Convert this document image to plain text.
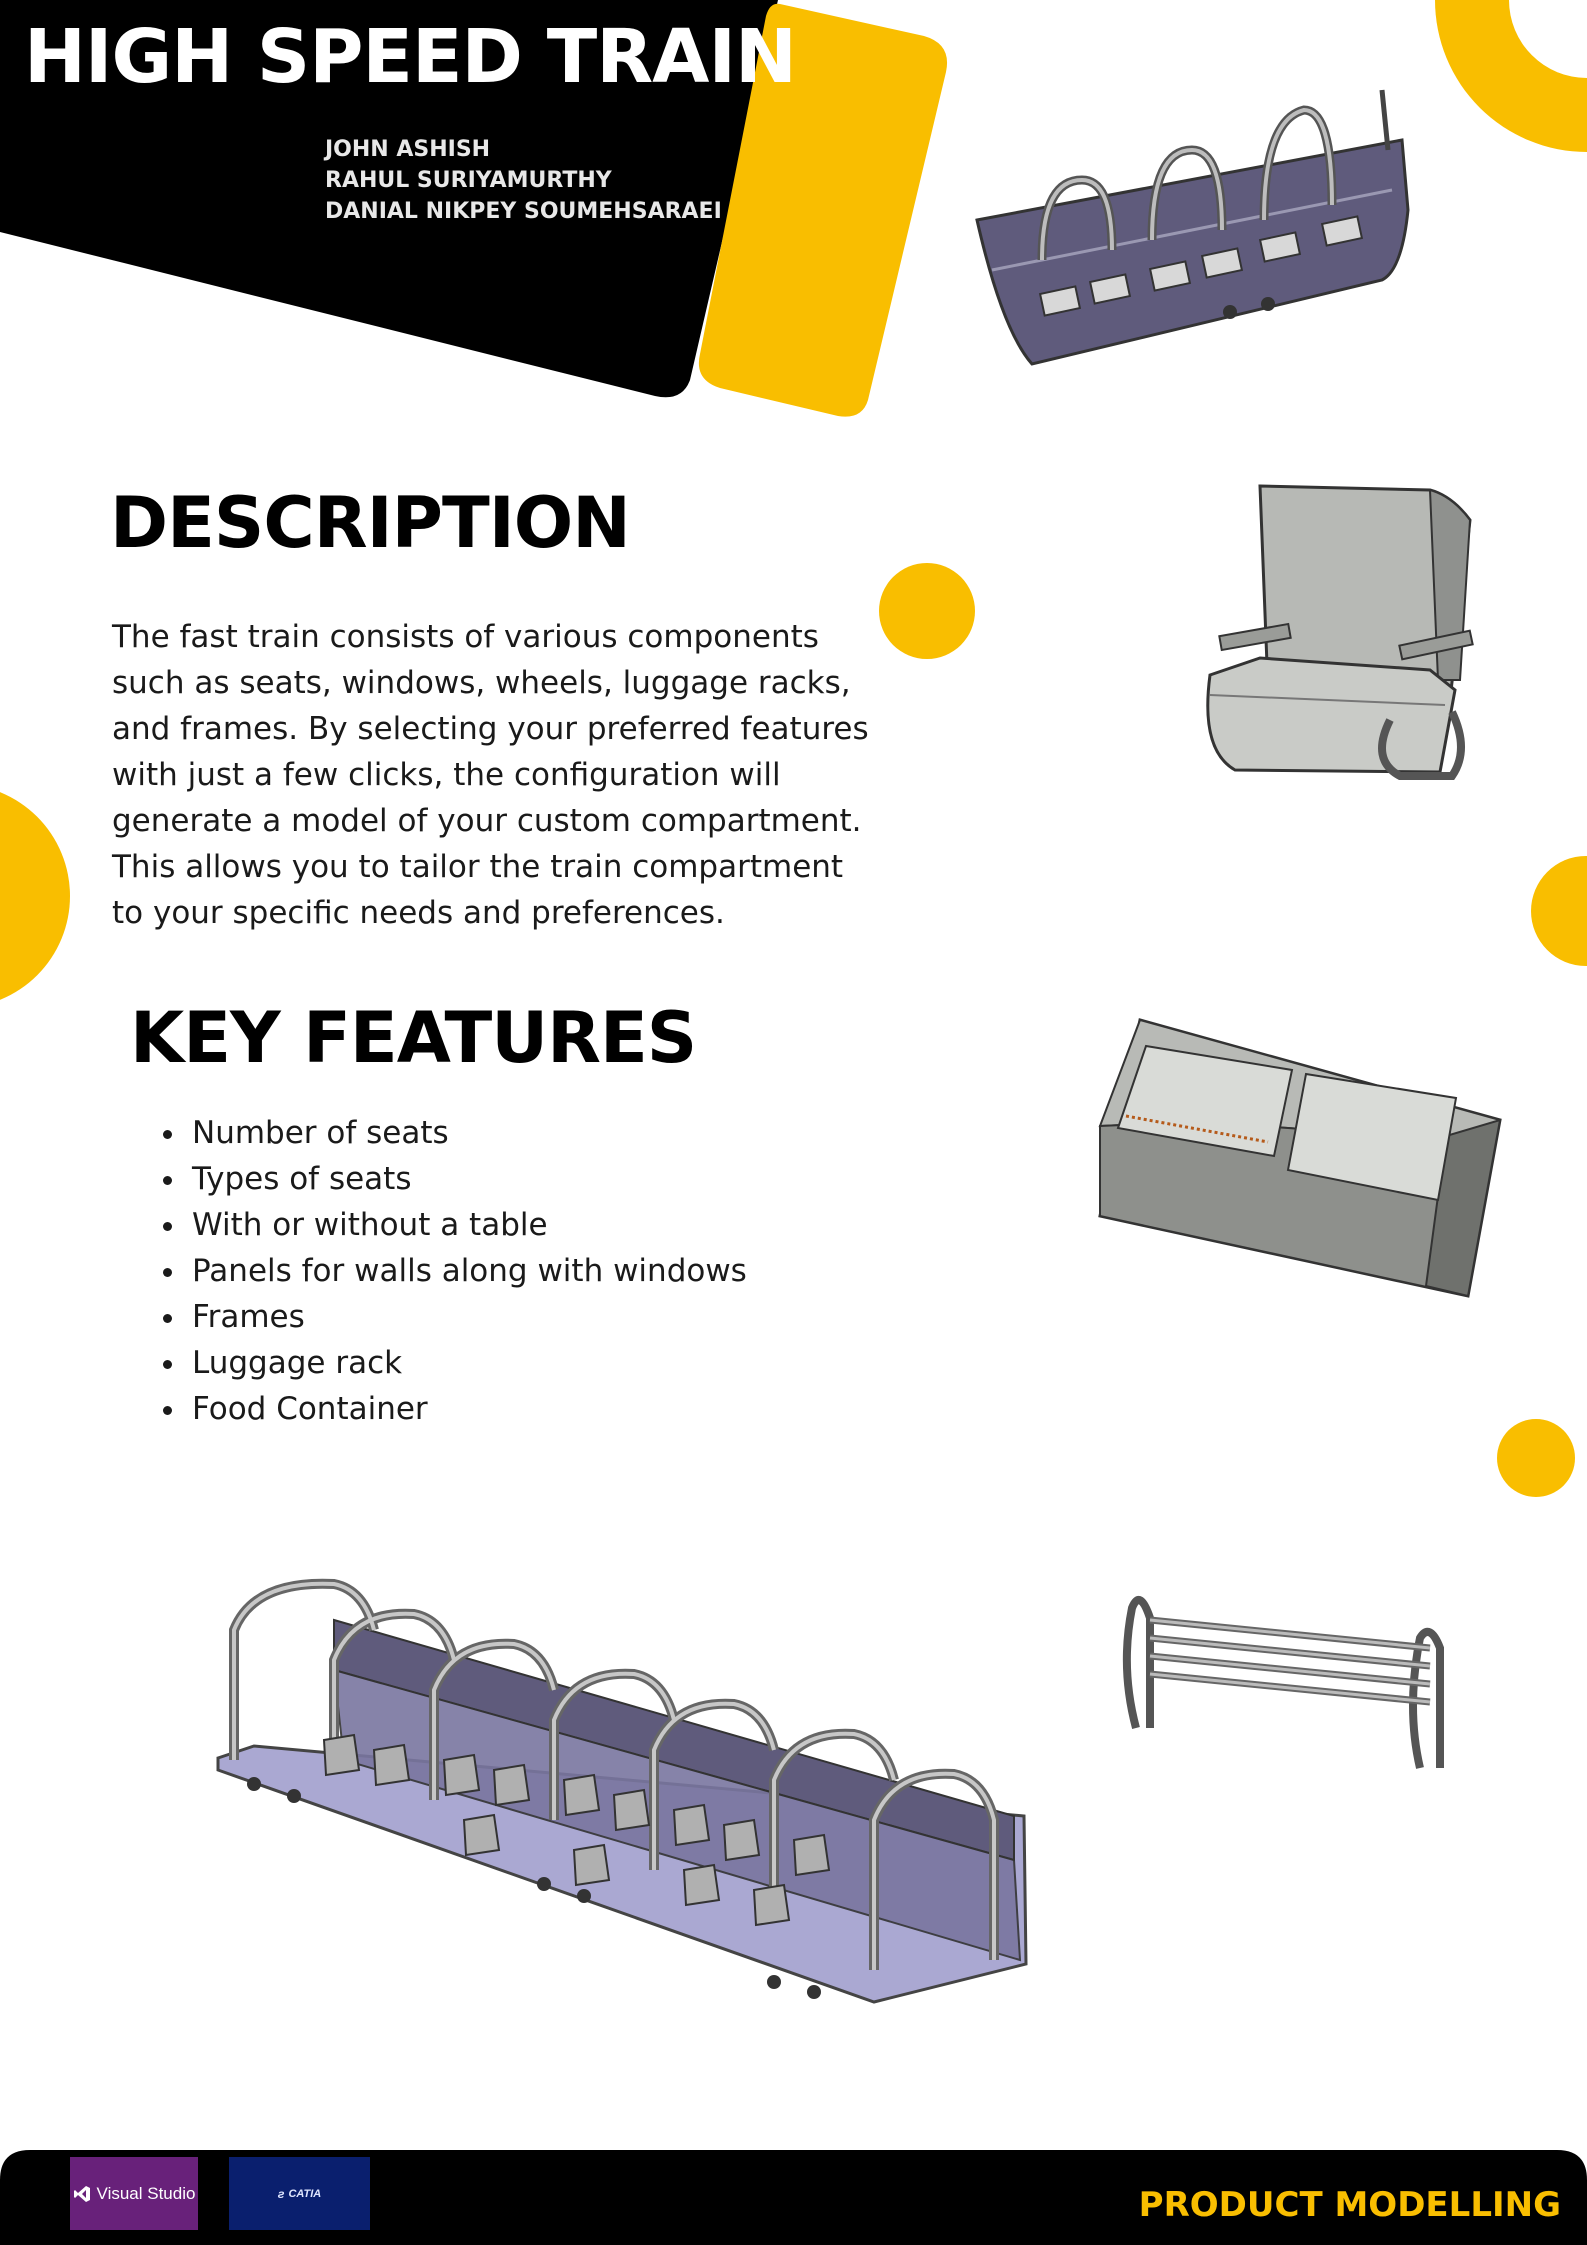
HIGH SPEED TRAIN
JOHN ASHISH
RAHUL SURIYAMURTHY
DANIAL NIKPEY SOUMEHSARAEI
DESCRIPTION
The fast train consists of various components such as seats, windows, wheels, luggage racks, and frames. By selecting your preferred features with just a few clicks, the configuration will generate a model of your custom compartment. This allows you to tailor the train compartment to your specific needs and preferences.
KEY FEATURES
• Number of seats
• Types of seats
• With or without a table
• Panels for walls along with windows
• Frames
• Luggage rack
• Food Container
Visual Studio	ƨ CATIA	PRODUCT MODELLING
